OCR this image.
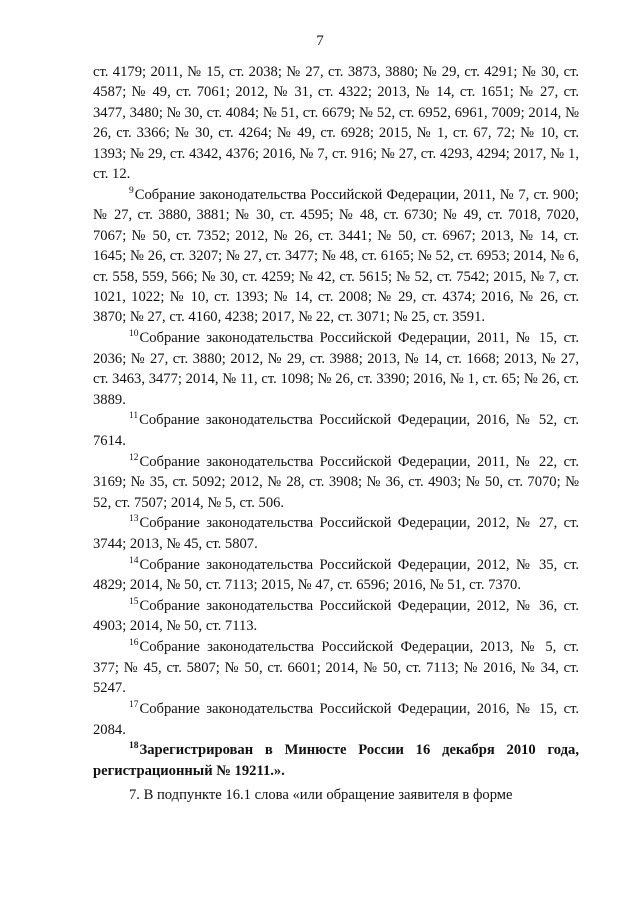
7

ст. 4179; 2011, № 15, ст. 2038; № 27, ст. 3873, 3880; № 29, ст. 4291; № 30, ст. 4587; № 49, ст. 7061; 2012, № 31, ст. 4322; 2013, № 14, ст. 1651; № 27, ст. 3477, 3480; № 30, ст. 4084; № 51, ст. 6679; № 52, ст. 6952, 6961, 7009; 2014, № 26, ст. 3366; № 30, ст. 4264; № 49, ст. 6928; 2015, № 1, ст. 67, 72; № 10, ст. 1393; № 29, ст. 4342, 4376; 2016, № 7, ст. 916; № 27, ст. 4293, 4294; 2017, № 1, ст. 12.

$^9$Собрание законодательства Российской Федерации, 2011, № 7, ст. 900; № 27, ст. 3880, 3881; № 30, ст. 4595; № 48, ст. 6730; № 49, ст. 7018, 7020, 7067; № 50, ст. 7352; 2012, № 26, ст. 3441; № 50, ст. 6967; 2013, № 14, ст. 1645; № 26, ст. 3207; № 27, ст. 3477; № 48, ст. 6165; № 52, ст. 6953; 2014, № 6, ст. 558, 559, 566; № 30, ст. 4259; № 42, ст. 5615; № 52, ст. 7542; 2015, № 7, ст. 1021, 1022; № 10, ст. 1393; № 14, ст. 2008; № 29, ст. 4374; 2016, № 26, ст. 3870; № 27, ст. 4160, 4238; 2017, № 22, ст. 3071; № 25, ст. 3591.

$^{10}$Собрание законодательства Российской Федерации, 2011, № 15, ст. 2036; № 27, ст. 3880; 2012, № 29, ст. 3988; 2013, № 14, ст. 1668; 2013, № 27, ст. 3463, 3477; 2014, № 11, ст. 1098; № 26, ст. 3390; 2016, № 1, ст. 65; № 26, ст. 3889.

$^{11}$Собрание законодательства Российской Федерации, 2016, № 52, ст. 7614.

$^{12}$Собрание законодательства Российской Федерации, 2011, № 22, ст. 3169; № 35, ст. 5092; 2012, № 28, ст. 3908; № 36, ст. 4903; № 50, ст. 7070; № 52, ст. 7507; 2014, № 5, ст. 506.

$^{13}$Собрание законодательства Российской Федерации, 2012, № 27, ст. 3744; 2013, № 45, ст. 5807.

$^{14}$Собрание законодательства Российской Федерации, 2012, № 35, ст. 4829; 2014, № 50, ст. 7113; 2015, № 47, ст. 6596; 2016, № 51, ст. 7370.

$^{15}$Собрание законодательства Российской Федерации, 2012, № 36, ст. 4903; 2014, № 50, ст. 7113.

$^{16}$Собрание законодательства Российской Федерации, 2013, № 5, ст. 377; № 45, ст. 5807; № 50, ст. 6601; 2014, № 50, ст. 7113; № 2016, № 34, ст. 5247.

$^{17}$Собрание законодательства Российской Федерации, 2016, № 15, ст. 2084.

$^{18}$Зарегистрирован в Минюсте России 16 декабря 2010 года, регистрационный № 19211.».

7. В подпункте 16.1 слова «или обращение заявителя в форме
